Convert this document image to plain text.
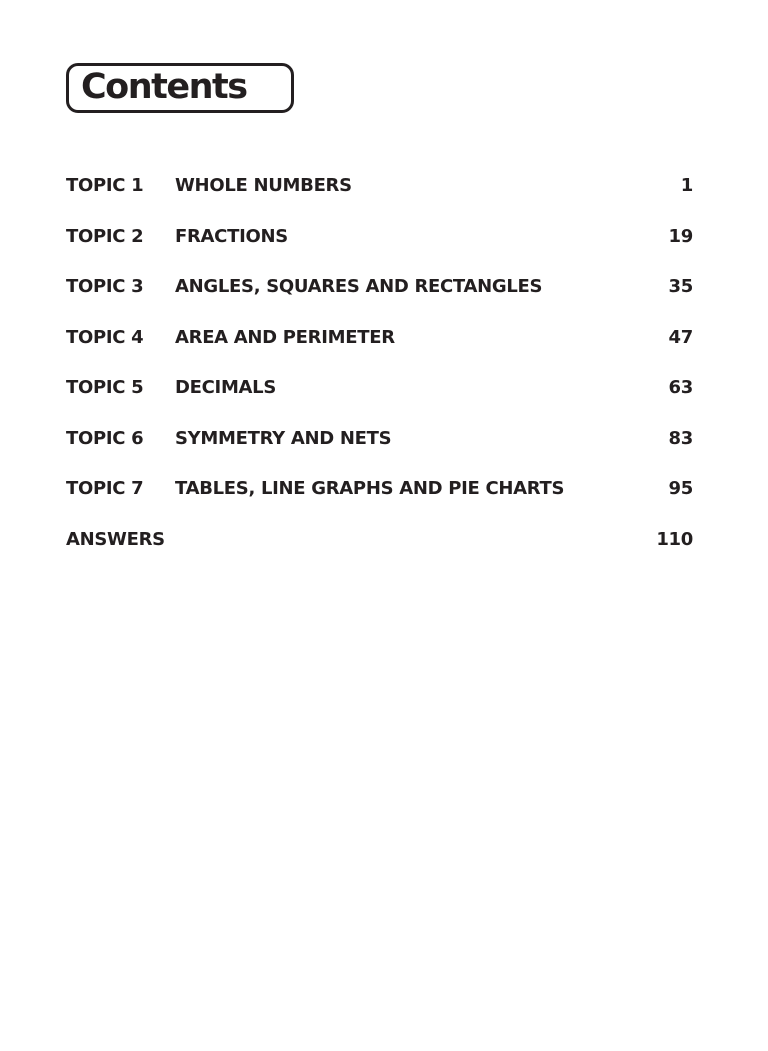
Contents
TOPIC 1 WHOLE NUMBERS	1
TOPIC 2 FRACTIONS	19
TOPIC 3 ANGLES, SQUARES AND RECTANGLES	35
TOPIC 4 AREA AND PERIMETER	47
TOPIC 5 DECIMALS	63
TOPIC 6 SYMMETRY AND NETS	83
TOPIC 7 TABLES, LINE GRAPHS AND PIE CHARTS	95
ANSWERS	110
